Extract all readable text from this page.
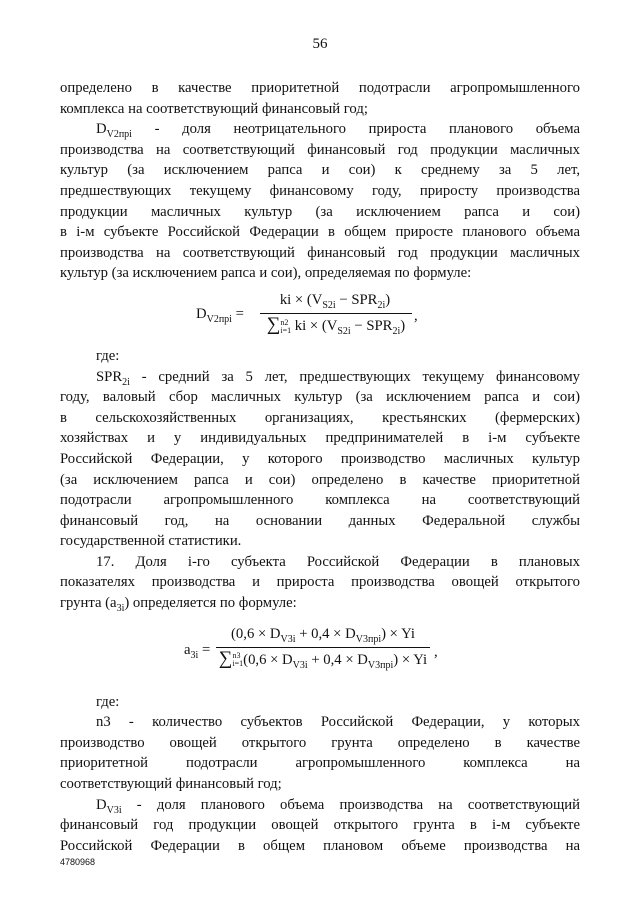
56

определено в качестве приоритетной подотрасли агропромышленного

комплекса на соответствующий финансовый год;

$D_{V2прi}$ - доля неотрицательного прироста планового объема

производства на соответствующий финансовый год продукции масличных

культур (за исключением рапса и сои) к среднему за 5 лет,

предшествующих текущему финансовому году, приросту производства

продукции масличных культур (за исключением рапса и сои)

в i-м субъекте Российской Федерации в общем приросте планового объема

производства на соответствующий финансовый год продукции масличных

культур (за исключением рапса и сои), определяемая по формуле:

$D_{V2прi}$ =
ki × $(V_{S2i} - SPR_{2i})$
∑n2
i=1 ki × $(V_{S2i} - SPR_{2i})$
,

где:

$SPR_{2i}$ - средний за 5 лет, предшествующих текущему финансовому

году, валовый сбор масличных культур (за исключением рапса и сои)

в сельскохозяйственных организациях, крестьянских (фермерских)

хозяйствах и у индивидуальных предпринимателей в i-м субъекте

Российской Федерации, у которого производство масличных культур

(за исключением рапса и сои) определено в качестве приоритетной

подотрасли агропромышленного комплекса на соответствующий

финансовый год, на основании данных Федеральной службы

государственной статистики.

17. Доля i-го субъекта Российской Федерации в плановых

показателях производства и прироста производства овощей открытого

грунта $(a_{3i})$ определяется по формуле:

$a_{3i}$ =
$(0,6 \times D_{V3i} + 0,4 \times D_{V3прi}) \times Yi$
∑n3
$i=1(0,6 \times D_{V3i} + 0,4 \times D_{V3прi}) \times Yi$ ,

где:

n3 - количество субъектов Российской Федерации, у которых

производство овощей открытого грунта определено в качестве

приоритетной подотрасли агропромышленного комплекса на

соответствующий финансовый год;

$D_{V3i}$ - доля планового объема производства на соответствующий

финансовый год продукции овощей открытого грунта в i-м субъекте

Российской Федерации в общем плановом объеме производства на

4780968
